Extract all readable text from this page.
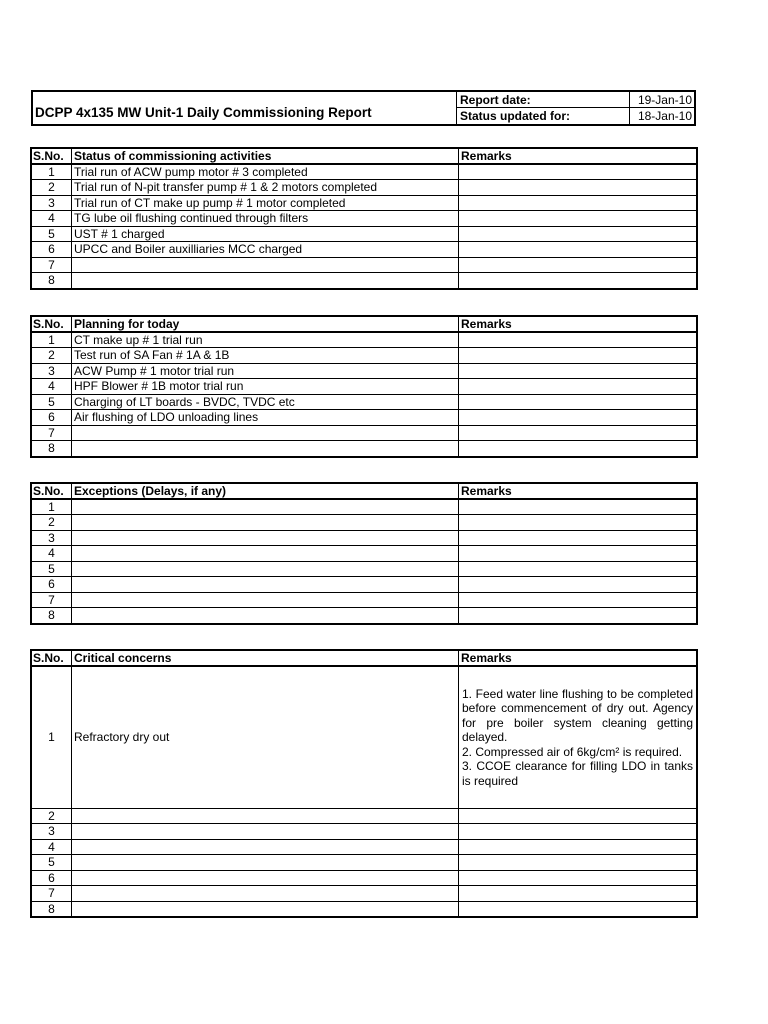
DCPP 4x135 MW Unit-1 Daily Commissioning Report
Report date:	19-Jan-10
Status updated for:	18-Jan-10
S.No.	Status of commissioning activities	Remarks
1	Trial run of ACW pump motor # 3 completed	
2	Trial run of N-pit transfer pump # 1 & 2 motors completed	
3	Trial run of CT make up pump # 1 motor completed	
4	TG lube oil flushing continued through filters	
5	UST # 1 charged	
6	UPCC and Boiler auxilliaries MCC charged	
7		
8		
S.No.	Planning for today	Remarks
1	CT make up # 1 trial run	
2	Test run of SA Fan # 1A & 1B	
3	ACW Pump # 1 motor trial run	
4	HPF Blower # 1B motor trial run	
5	Charging of LT boards - BVDC, TVDC etc	
6	Air flushing of LDO unloading lines	
7		
8		
S.No.	Exceptions (Delays, if any)	Remarks
1		
2		
3		
4		
5		
6		
7		
8		
S.No.	Critical concerns	Remarks
1	Refractory dry out	1. Feed water line flushing to be completed before commencement of dry out. Agency for pre boiler system cleaning getting delayed.
2. Compressed air of 6kg/cm² is required.
3. CCOE clearance for filling LDO in tanks is required

2		
3		
4		
5		
6		
7		
8		
